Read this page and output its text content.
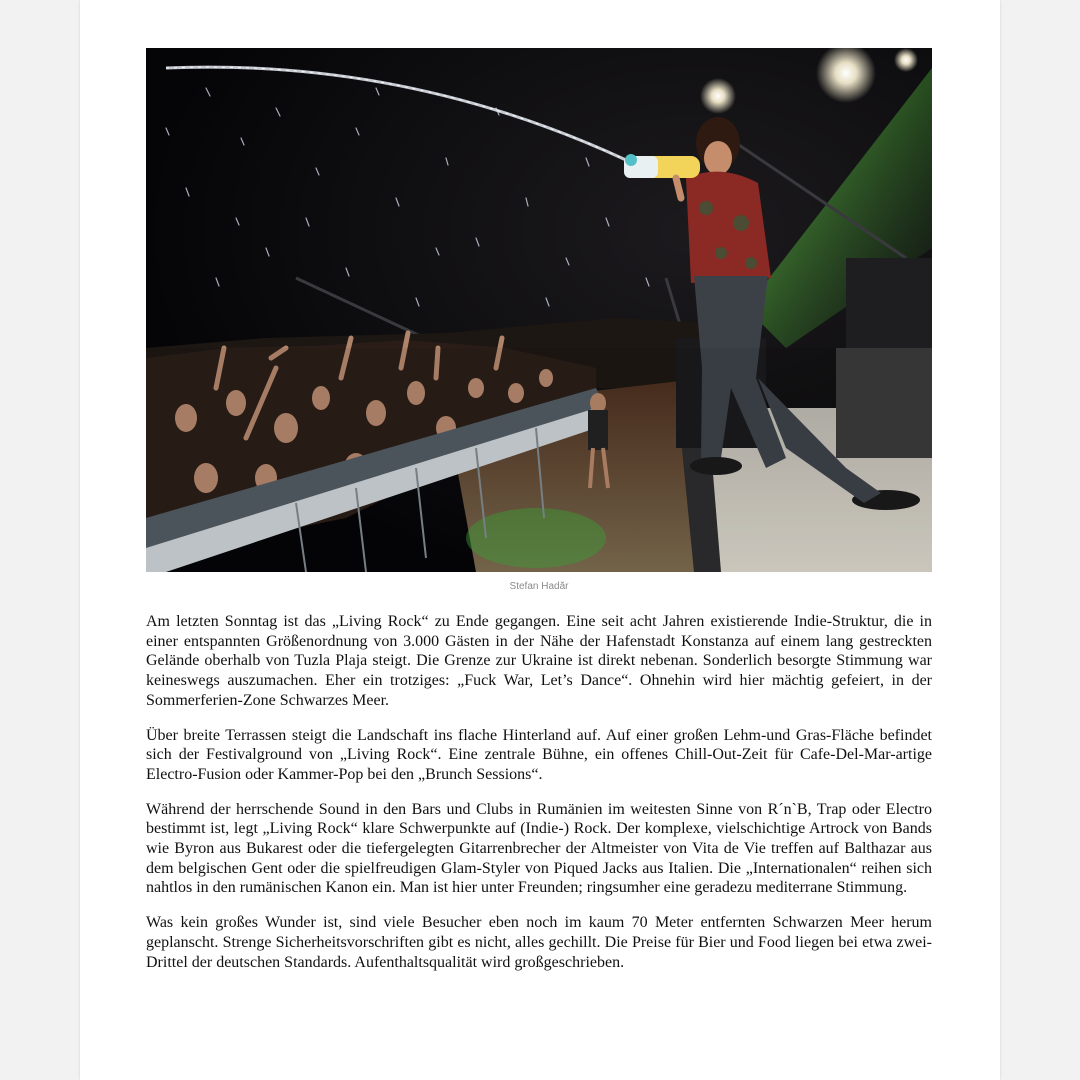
Stefan Hadăr

Am letzten Sonntag ist das „Living Rock“ zu Ende gegangen. Eine seit acht Jahren existierende Indie-Struktur, die in einer entspannten Größenordnung von 3.000 Gästen in der Nähe der Hafenstadt Konstanza auf einem lang gestreckten Gelände oberhalb von Tuzla Plaja steigt. Die Grenze zur Ukraine ist direkt nebenan. Sonderlich besorgte Stimmung war keineswegs auszumachen. Eher ein trotziges: „Fuck War, Let’s Dance“. Ohnehin wird hier mächtig gefeiert, in der Sommerferien-Zone Schwarzes Meer.

Über breite Terrassen steigt die Landschaft ins flache Hinterland auf. Auf einer großen Lehm-und Gras-Fläche befindet sich der Festivalground von „Living Rock“. Eine zentrale Bühne, ein offenes Chill-Out-Zeit für Cafe-Del-Mar-artige Electro-Fusion oder Kammer-Pop bei den „Brunch Sessions“.

Während der herrschende Sound in den Bars und Clubs in Rumänien im weitesten Sinne von R´n`B, Trap oder Electro bestimmt ist, legt „Living Rock“ klare Schwerpunkte auf (Indie-) Rock. Der komplexe, vielschichtige Artrock von Bands wie Byron aus Bukarest oder die tiefergelegten Gitarrenbrecher der Altmeister von Vita de Vie treffen auf Balthazar aus dem belgischen Gent oder die spielfreudigen Glam-Styler von Piqued Jacks aus Italien. Die „Internationalen“ reihen sich nahtlos in den rumänischen Kanon ein. Man ist hier unter Freunden; ringsumher eine geradezu mediterrane Stimmung.

Was kein großes Wunder ist, sind viele Besucher eben noch im kaum 70 Meter entfernten Schwarzen Meer herum geplanscht. Strenge Sicherheitsvorschriften gibt es nicht, alles gechillt. Die Preise für Bier und Food liegen bei etwa zwei-Drittel der deutschen Standards. Aufenthaltsqualität wird großgeschrieben.
